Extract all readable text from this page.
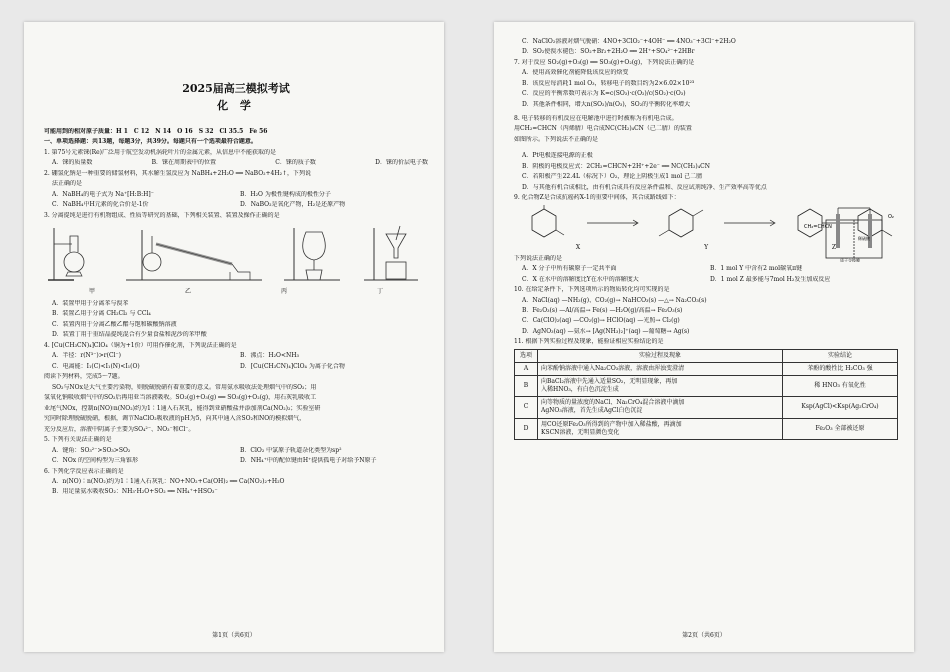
2025届高三模拟考试
化 学
可能用到的相对原子质量：H 1　C 12　N 14　O 16　S 32　Cl 35.5　Fe 56
一、单项选择题：共13题，每题3分，共39分。每题只有一个选项最符合题意。
1. 第75号元素铼(Re)广泛用于航空发动机涡轮叶片的金属元素，从信息中不能获取的是
A．铼的质量数	B．铼在周期表中的位置	C．铼的质子数	D．铼的价层电子数
2. 硼氢化钠是一种重要的储氢材料，其水解生氢反应为 NaBH₄+2H₂O ══ NaBO₂+4H₂↑，下列说
法正确的是
A．NaBH₄的电子式为 Na⁺[H:B:H]⁻	B．H₂O 为极性键构成的极性分子
C．NaBH₄中H元素的化合价是-1价	D．NaBO₂是氧化产物，H₂是还原产物
3. 分离提纯是进行有机物组成、性质等研究的基础，下列相关装置、装置及操作正确的是
甲	乙	丙	丁
A．装置甲用于分离苯与溴苯
B．装置乙用于分离 CH₂Cl₂ 与 CCl₄
C．装置丙用于分离乙酸乙酯与饱和碳酸钠溶液
D．装置丁用于重结晶提纯混合有少量食盐和泥沙的苯甲酸
4. [Cu(CH₃CN)₄]ClO₄（铜为+1价）可用作催化剂，下列说法正确的是
A．半径：r(N³⁻)>r(Cl⁻)	B．沸点：H₂O<NH₃
C．电离能：I₁(C)<I₁(N)<I₁(O)	D．[Cu(CH₃CN)₄]ClO₄ 为离子化合物
阅读下列材料，完成5～7题。
SO₂与NOx是大气主要污染物，则脱硫脱硝有着重要的意义。常用氨水吸收法处理烟气中的SO₂；用
氢氧化钠吸收烟气中的SO₂后再用亚当溶液吸收。SO₂(g)+O₃(g) ══ SO₃(g)+O₂(g)，用石灰乳吸收工
业尾气NOx，控制n(NO)∶n(NO₂)约为1∶1通入石灰乳，能得到亚硝酸盐并添加剂Ca(NO₂)₂；实验室研
究同时除理脱硫脱硝，根据，调节NaClO₂吸收液的pH为5，向其中通入含SO₂和NO的模拟烟气，
充分反应后，溶液中阴离子主要为SO₄²⁻、NO₃⁻和Cl⁻。
5. 下列有关说法正确的是
A．键角：SO₃²⁻>SO₃>SO₂	B．ClO₂ 中氯原子轨道杂化类型为sp²
C．NOx 的空间构型为三角锥形	D．NH₄⁺中的配位键由H⁺提供孤电子对给予N原子
6. 下列化学反应表示正确的是
A．n(NO)∶n(NO₂)约为1∶1通入石灰乳：NO+NO₂+Ca(OH)₂ ══ Ca(NO₂)₂+H₂O
B．用足量氨水吸收SO₂：NH₃·H₂O+SO₂ ══ NH₄⁺+HSO₃⁻
第1页（共6页）
C．NaClO₂溶液对烟气脱硝：4NO+3ClO₂⁻+4OH⁻ ══ 4NO₃⁻+3Cl⁻+2H₂O
D．SO₂使溴水褪色：SO₂+Br₂+2H₂O ══ 2H⁺+SO₄²⁻+2HBr
7. 对于反应 SO₂(g)+O₃(g) ══ SO₃(g)+O₂(g)，下列说法正确的是
A．使用高效催化剂能降低该反应的焓变
B．该反应每消耗1 mol O₃，转移电子的数目约为2×6.02×10²³
C．反应的平衡常数可表示为 K=c(SO₃)·c(O₂)/c(SO₂)·c(O₃)
D．其他条件相同，增大n(SO₂)/n(O₃)，SO₂的平衡转化率增大
8. 电子转移的有机反应在电解池中进行时被称为有机电合成。
用CH₂=CHCN（丙烯腈）电合成NC(CH₂)₄CN（己二腈）的装置
如图所示。下列说法不正确的是
A．Pt电极连接电源的正极
B．阴极的电极反应式：2CH₂=CHCN+2H⁺+2e⁻ ══ NC(CH₂)₄CN
C．若阳极产生22.4L（标况下）O₂，理论上阴极生成1 mol 己二腈
D．与其他有机合成相比，由有机合成具有反应条件温和、反应试剂纯净、生产效率高等优点
9. 化合物Z是合成抗癌药X-1的重要中间体，其合成路线如下：
X	Y	Z
下列说法正确的是
A．X 分子中所有碳原子一定共平面	B．1 mol Y 中含有2 mol碳氧π键
C．X 在水中的溶解度比Y在水中的溶解度大	D．1 mol Z 最多能与7mol H₂发生加成反应
10. 在给定条件下，下列选项所示的物质转化均可实现的是
A．NaCl(aq) —NH₃(g)、CO₂(g)→ NaHCO₃(s) —△→ Na₂CO₃(s)
B．Fe₂O₃(s) —Al/高温→ Fe(s) —H₂O(g)/高温→ Fe₂O₃(s)
C．Ca(ClO)₂(aq) —CO₂(g)→ HClO(aq) —光照→ Cl₂(g)
D．AgNO₃(aq) —氨水→ [Ag(NH₃)₂]⁺(aq) —葡萄糖→ Ag(s)
11. 根据下列实验过程及现象，能验证相应实验结论的是
选项	实验过程及现象	实验结论
A	向苯酚钠溶液中通入Na₂CO₃溶液，溶液由浑浊变澄清	苯酚的酸性比 H₂CO₃ 强
B	向BaCl₂溶液中先通入适量SO₂，无明显现象，再加
入稀HNO₃，有白色沉淀生成	稀 HNO₃ 有氧化性
C	向等物质的量浓度的NaCl、Na₂CrO₄混合溶液中滴加
AgNO₃溶液，首先生成AgCl白色沉淀	Ksp(AgCl)<Ksp(Ag₂CrO₄)
D	用CO还原Fe₂O₃所得到的产物中加入稀盐酸，再滴加
KSCN溶液，无明显颜色变化	Fe₂O₃ 全部被还原
CH₂=CHCN
O₂
稀硫酸
质子交换膜
第2页（共6页）
